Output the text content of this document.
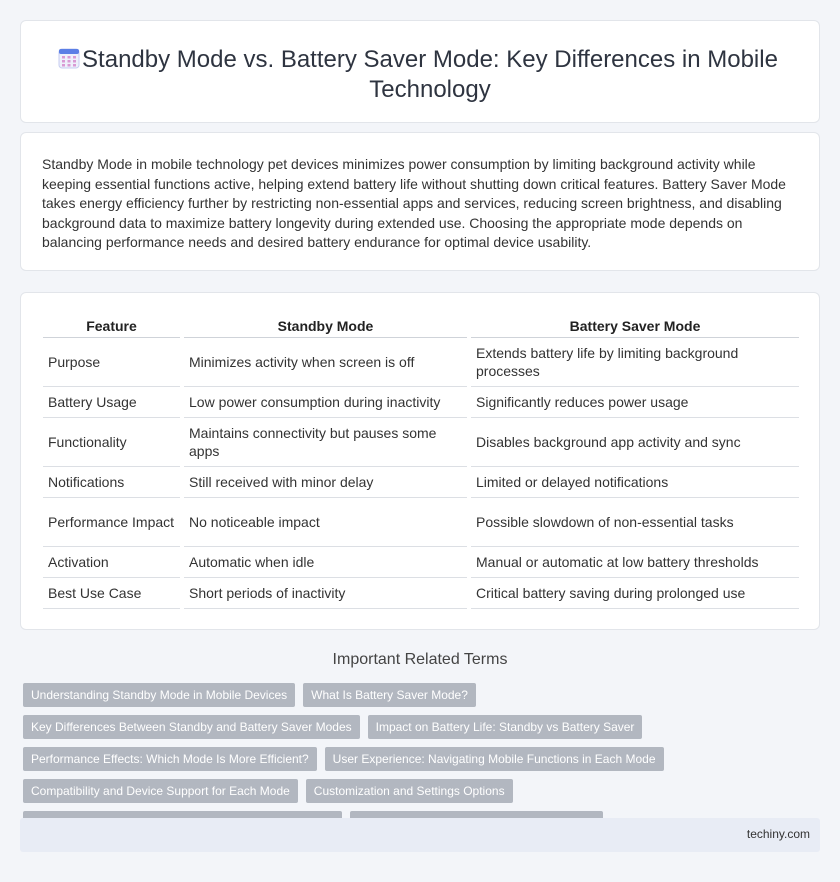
Standby Mode vs. Battery Saver Mode: Key Differences in Mobile Technology

Standby Mode in mobile technology pet devices minimizes power consumption by limiting background activity while keeping essential functions active, helping extend battery life without shutting down critical features. Battery Saver Mode takes energy efficiency further by restricting non-essential apps and services, reducing screen brightness, and disabling background data to maximize battery longevity during extended use. Choosing the appropriate mode depends on balancing performance needs and desired battery endurance for optimal device usability.

Feature	Standby Mode	Battery Saver Mode
Purpose	Minimizes activity when screen is off	Extends battery life by limiting background processes
Battery Usage	Low power consumption during inactivity	Significantly reduces power usage
Functionality	Maintains connectivity but pauses some apps	Disables background app activity and sync
Notifications	Still received with minor delay	Limited or delayed notifications
Performance Impact	No noticeable impact	Possible slowdown of non-essential tasks
Activation	Automatic when idle	Manual or automatic at low battery thresholds
Best Use Case	Short periods of inactivity	Critical battery saving during prolonged use
Important Related Terms
Understanding Standby Mode in Mobile Devices	What Is Battery Saver Mode?
Key Differences Between Standby and Battery Saver Modes	Impact on Battery Life: Standby vs Battery Saver
Performance Effects: Which Mode Is More Efficient?	User Experience: Navigating Mobile Functions in Each Mode
Compatibility and Device Support for Each Mode	Customization and Settings Options
techiny.com
